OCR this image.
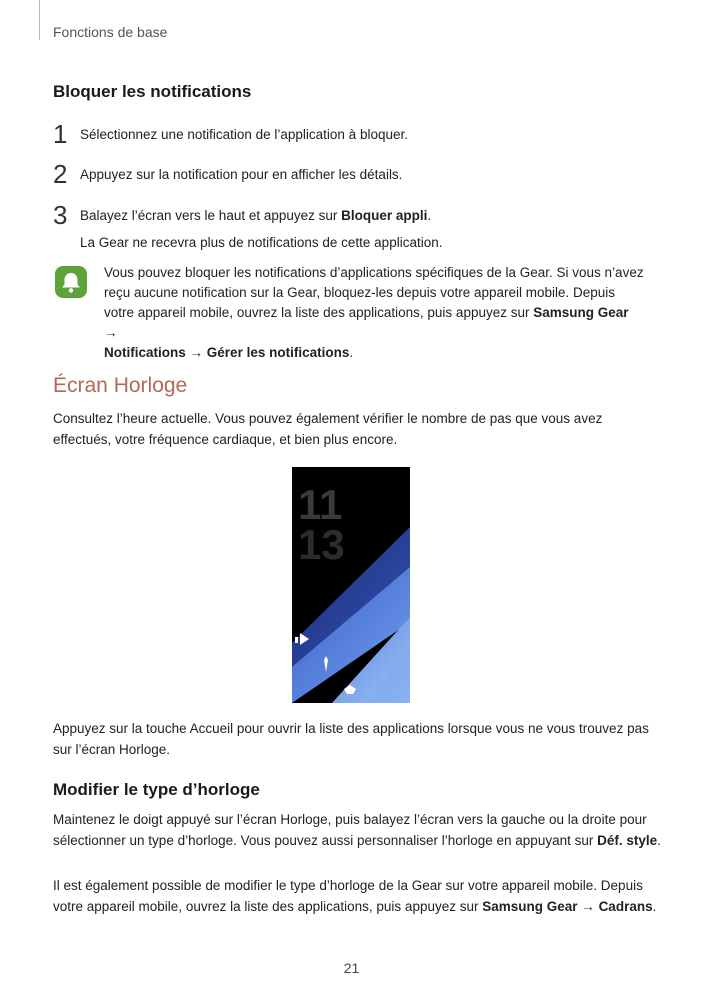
Fonctions de base
Bloquer les notifications
1 Sélectionnez une notification de l’application à bloquer.
2 Appuyez sur la notification pour en afficher les détails.
3 Balayez l’écran vers le haut et appuyez sur Bloquer appli.
La Gear ne recevra plus de notifications de cette application.
Vous pouvez bloquer les notifications d’applications spécifiques de la Gear. Si vous n’avez
reçu aucune notification sur la Gear, bloquez-les depuis votre appareil mobile. Depuis
votre appareil mobile, ouvrez la liste des applications, puis appuyez sur Samsung Gear →
Notifications → Gérer les notifications.
Écran Horloge
Consultez l’heure actuelle. Vous pouvez également vérifier le nombre de pas que vous avez
effectués, votre fréquence cardiaque, et bien plus encore.
11
13
Appuyez sur la touche Accueil pour ouvrir la liste des applications lorsque vous ne vous trouvez pas
sur l’écran Horloge.
Modifier le type d’horloge
Maintenez le doigt appuyé sur l’écran Horloge, puis balayez l’écran vers la gauche ou la droite pour
sélectionner un type d’horloge. Vous pouvez aussi personnaliser l’horloge en appuyant sur Déf. style.
Il est également possible de modifier le type d’horloge de la Gear sur votre appareil mobile. Depuis
votre appareil mobile, ouvrez la liste des applications, puis appuyez sur Samsung Gear → Cadrans.
21
